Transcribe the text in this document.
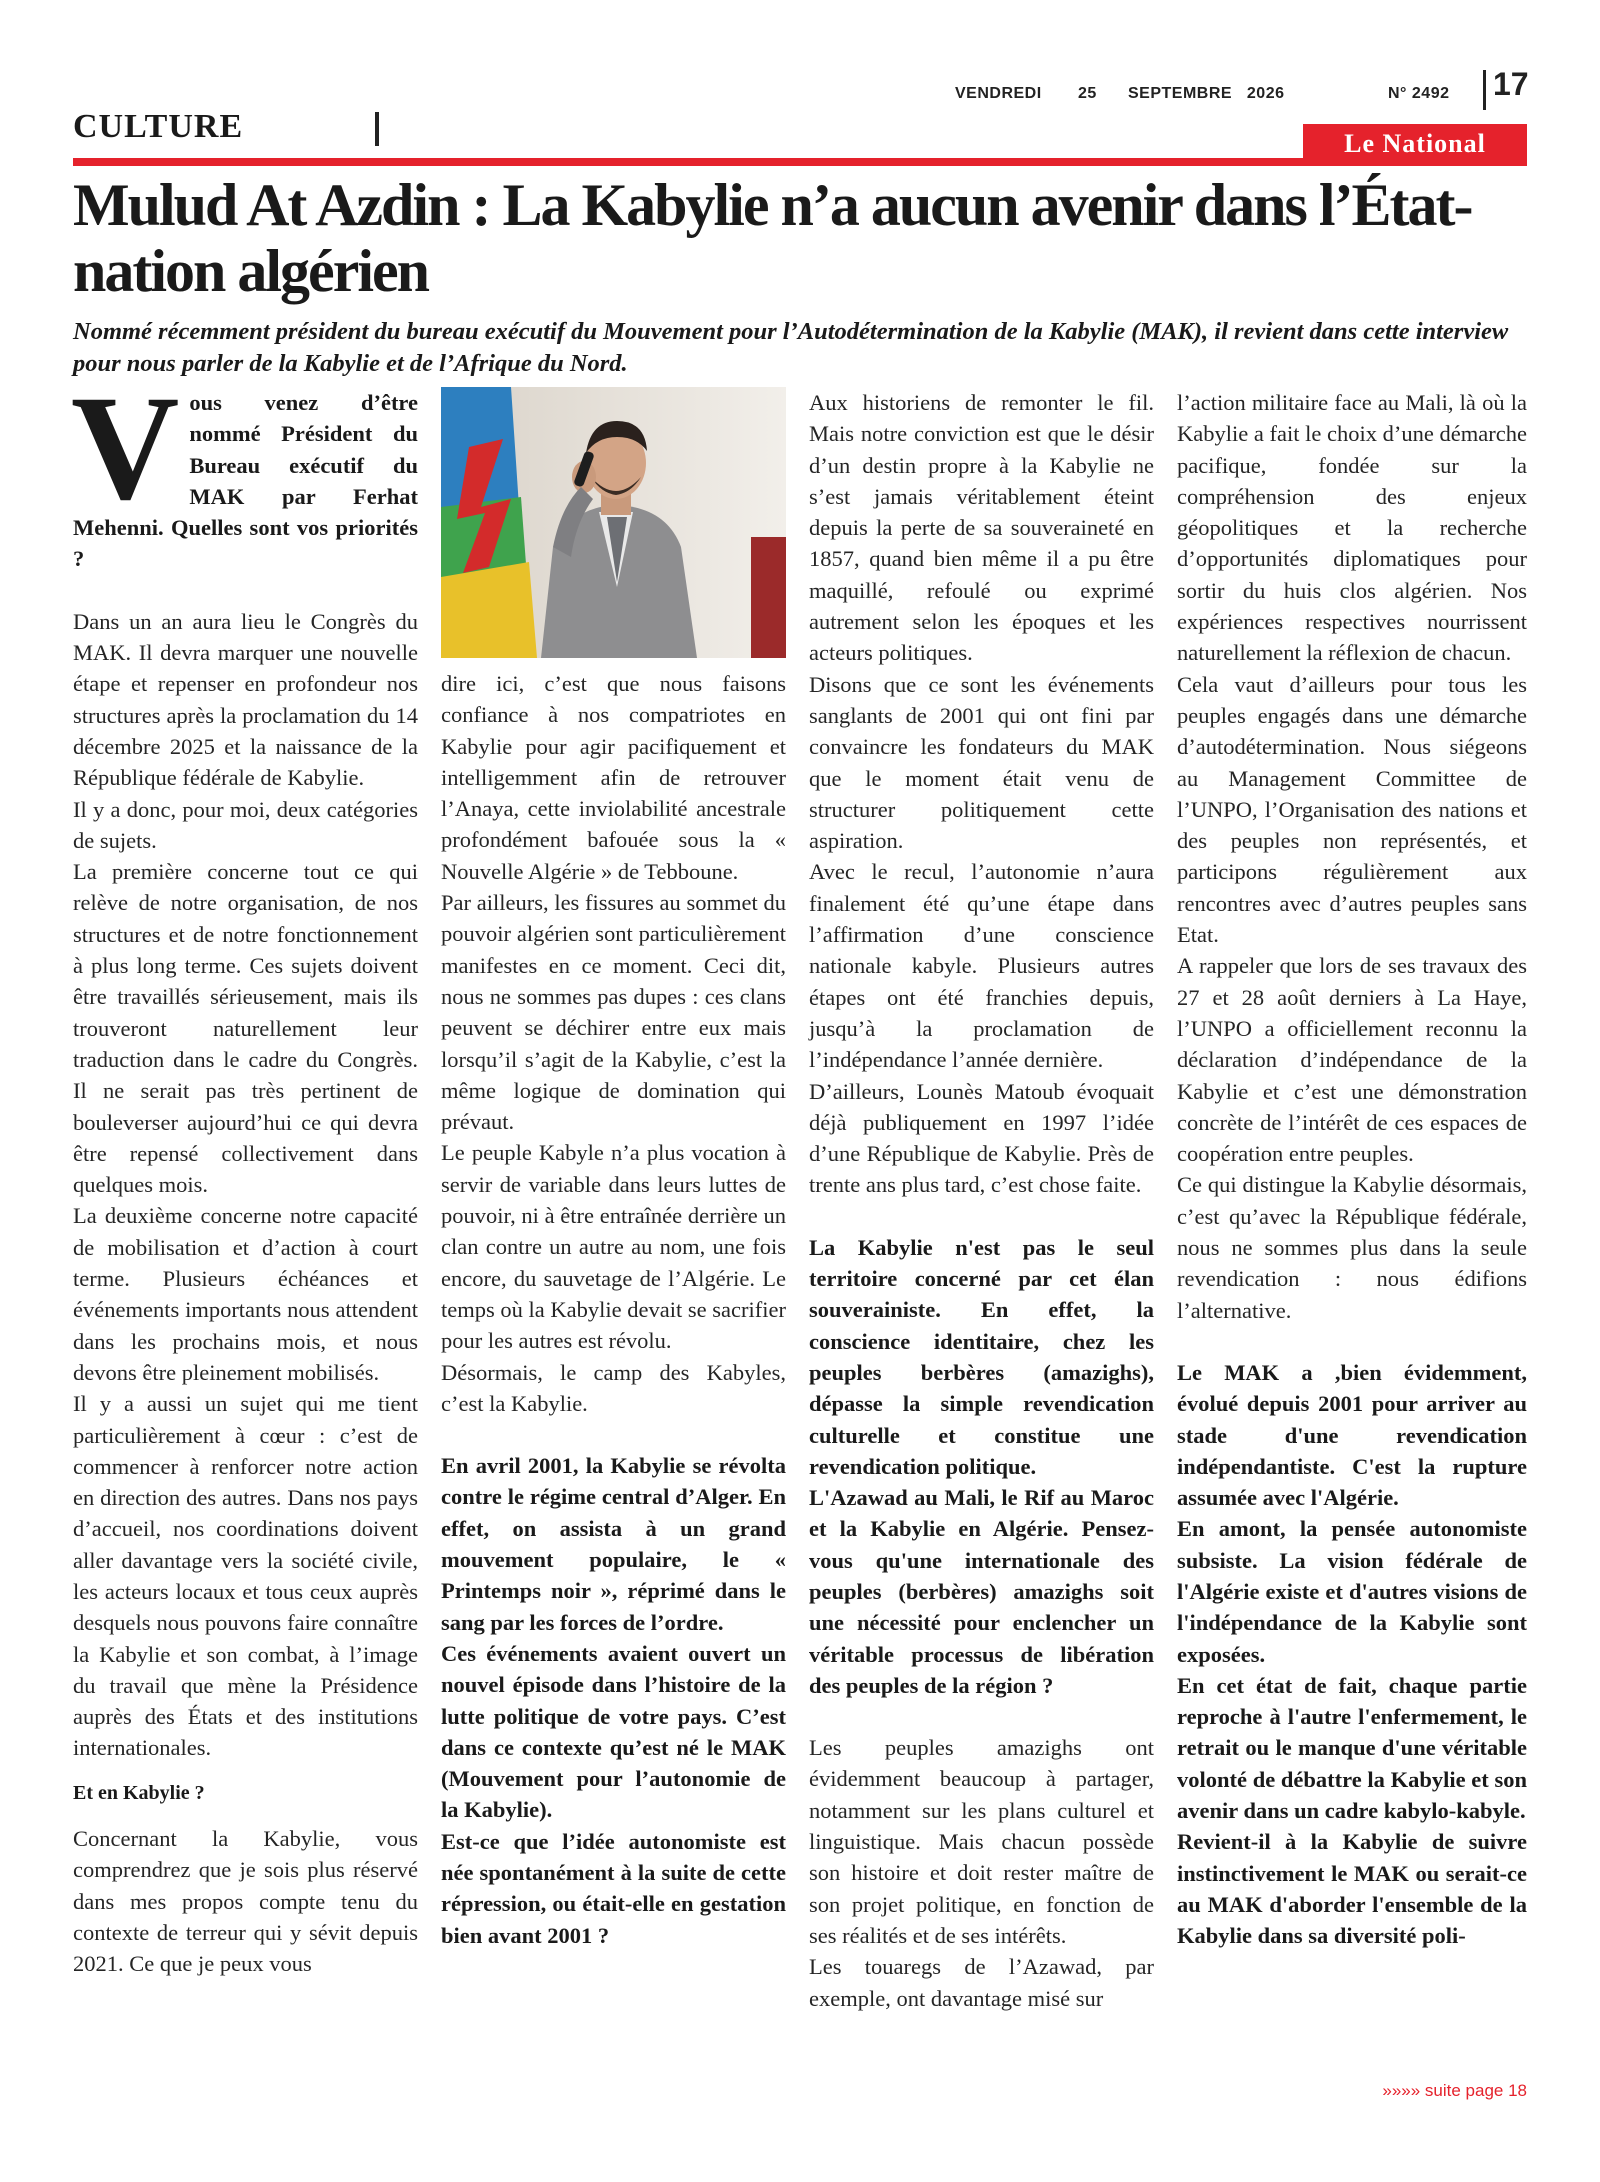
VENDREDI 25 SEPTEMBRE   2026	N° 2492 17
CULTURE	Le National
Mulud At Azdin : La Kabylie n’a aucun avenir dans l’État-nation algérien

Nommé récemment président du bureau exécutif du Mouvement pour l’Autodétermination de la Kabylie (MAK), il revient dans cette interview pour nous parler de la Kabylie et de l’Afrique du Nord.

Vous venez d’être nommé Président du Bureau exécutif du MAK par Ferhat Mehenni. Quelles sont vos priorités ?

Dans un an aura lieu le Congrès du MAK. Il devra marquer une nouvelle étape et repenser en profondeur nos structures après la proclamation du 14 décembre 2025 et la naissance de la République fédérale de Kabylie.

Il y a donc, pour moi, deux catégories de sujets.

La première concerne tout ce qui relève de notre organisation, de nos structures et de notre fonctionnement à plus long terme. Ces sujets doivent être travaillés sérieusement, mais ils trouveront naturellement leur traduction dans le cadre du Congrès. Il ne serait pas très pertinent de bouleverser aujourd’hui ce qui devra être repensé collectivement dans quelques mois.

La deuxième concerne notre capacité de mobilisation et d’action à court terme. Plusieurs échéances et événements importants nous attendent dans les prochains mois, et nous devons être pleinement mobilisés.

Il y a aussi un sujet qui me tient particulièrement à cœur : c’est de commencer à renforcer notre action en direction des autres. Dans nos pays d’accueil, nos coordinations doivent aller davantage vers la société civile, les acteurs locaux et tous ceux auprès desquels nous pouvons faire connaître la Kabylie et son combat, à l’image du travail que mène la Présidence auprès des États et des institutions internationales.

Et en Kabylie ?

Concernant la Kabylie, vous comprendrez que je sois plus réservé dans mes propos compte tenu du contexte de terreur qui y sévit depuis 2021. Ce que je peux vous

dire ici, c’est que nous faisons confiance à nos compatriotes en Kabylie pour agir pacifiquement et intelligemment afin de retrouver l’Anaya, cette inviolabilité ancestrale profondément bafouée sous la « Nouvelle Algérie » de Tebboune.

Par ailleurs, les fissures au sommet du pouvoir algérien sont particulièrement manifestes en ce moment. Ceci dit, nous ne sommes pas dupes : ces clans peuvent se déchirer entre eux mais lorsqu’il s’agit de la Kabylie, c’est la même logique de domination qui prévaut.

Le peuple Kabyle n’a plus vocation à servir de variable dans leurs luttes de pouvoir, ni à être entraînée derrière un clan contre un autre au nom, une fois encore, du sauvetage de l’Algérie. Le temps où la Kabylie devait se sacrifier pour les autres est révolu.

Désormais, le camp des Kabyles, c’est la Kabylie.

En avril 2001, la Kabylie se révolta contre le régime central d’Alger. En effet, on assista à un grand mouvement populaire, le « Printemps noir », réprimé dans le sang par les forces de l’ordre.

Ces événements avaient ouvert un nouvel épisode dans l’histoire de la lutte politique de votre pays. C’est dans ce contexte qu’est né le MAK (Mouvement pour l’autonomie de la Kabylie).

Est-ce que l’idée autonomiste est née spontanément à la suite de cette répression, ou était-elle en gestation bien avant 2001 ?

Aux historiens de remonter le fil. Mais notre conviction est que le désir d’un destin propre à la Kabylie ne s’est jamais véritablement éteint depuis la perte de sa souveraineté en 1857, quand bien même il a pu être maquillé, refoulé ou exprimé autrement selon les époques et les acteurs politiques.

Disons que ce sont les événements sanglants de 2001 qui ont fini par convaincre les fondateurs du MAK que le moment était venu de structurer politiquement cette aspiration.

Avec le recul, l’autonomie n’aura finalement été qu’une étape dans l’affirmation d’une conscience nationale kabyle. Plusieurs autres étapes ont été franchies depuis, jusqu’à la proclamation de l’indépendance l’année dernière.

D’ailleurs, Lounès Matoub évoquait déjà publiquement en 1997 l’idée d’une République de Kabylie. Près de trente ans plus tard, c’est chose faite.

La Kabylie n'est pas le seul territoire concerné par cet élan souverainiste. En effet, la conscience identitaire, chez les peuples berbères (amazighs), dépasse la simple revendication culturelle et constitue une revendication politique.

L'Azawad au Mali, le Rif au Maroc et la Kabylie en Algérie. Pensez-vous qu'une internationale des peuples (berbères) amazighs soit une nécessité pour enclencher un véritable processus de libération des peuples de la région ?

Les peuples amazighs ont évidemment beaucoup à partager, notamment sur les plans culturel et linguistique. Mais chacun possède son histoire et doit rester maître de son projet politique, en fonction de ses réalités et de ses intérêts.

Les touaregs de l’Azawad, par exemple, ont davantage misé sur

l’action militaire face au Mali, là où la Kabylie a fait le choix d’une démarche pacifique, fondée sur la compréhension des enjeux géopolitiques et la recherche d’opportunités diplomatiques pour sortir du huis clos algérien. Nos expériences respectives nourrissent naturellement la réflexion de chacun.

Cela vaut d’ailleurs pour tous les peuples engagés dans une démarche d’autodétermination. Nous siégeons au Management Committee de l’UNPO, l’Organisation des nations et des peuples non représentés, et participons régulièrement aux rencontres avec d’autres peuples sans Etat.

A rappeler que lors de ses travaux des 27 et 28 août derniers à La Haye, l’UNPO a officiellement reconnu la déclaration d’indépendance de la Kabylie et c’est une démonstration concrète de l’intérêt de ces espaces de coopération entre peuples.

Ce qui distingue la Kabylie désormais, c’est qu’avec la République fédérale, nous ne sommes plus dans la seule revendication : nous édifions l’alternative.

Le MAK a ,bien évidemment, évolué depuis 2001 pour arriver au stade d'une revendication indépendantiste. C'est la rupture assumée avec l'Algérie.

En amont, la pensée autonomiste subsiste. La vision fédérale de l'Algérie existe et d'autres visions de l'indépendance de la Kabylie sont exposées.

En cet état de fait, chaque partie reproche à l'autre l'enfermement, le retrait ou le manque d'une véritable volonté de débattre la Kabylie et son avenir dans un cadre kabylo-kabyle.

Revient-il à la Kabylie de suivre instinctivement le MAK ou serait-ce au MAK d'aborder l'ensemble de la Kabylie dans sa diversité poli-

»»»» suite page 18
